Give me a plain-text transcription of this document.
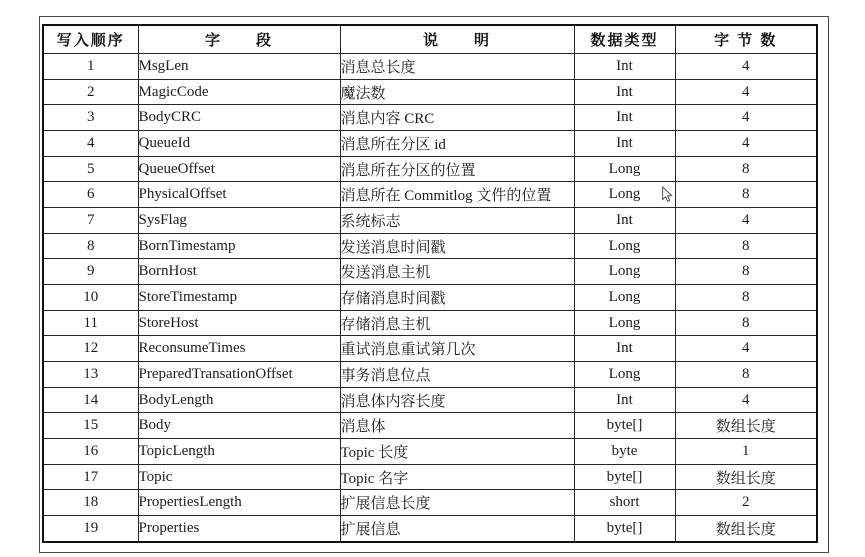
写入顺序	字　　段	说　　明	数据类型	字 节 数
1	MsgLen	消息总长度	Int	4
2	MagicCode	魔法数	Int	4
3	BodyCRC	消息内容 CRC	Int	4
4	QueueId	消息所在分区 id	Int	4
5	QueueOffset	消息所在分区的位置	Long	8
6	PhysicalOffset	消息所在 Commitlog 文件的位置	Long	8
7	SysFlag	系统标志	Int	4
8	BornTimestamp	发送消息时间戳	Long	8
9	BornHost	发送消息主机	Long	8
10	StoreTimestamp	存储消息时间戳	Long	8
11	StoreHost	存储消息主机	Long	8
12	ReconsumeTimes	重试消息重试第几次	Int	4
13	PreparedTransationOffset	事务消息位点	Long	8
14	BodyLength	消息体内容长度	Int	4
15	Body	消息体	byte[]	数组长度
16	TopicLength	Topic 长度	byte	1
17	Topic	Topic 名字	byte[]	数组长度
18	PropertiesLength	扩展信息长度	short	2
19	Properties	扩展信息	byte[]	数组长度
